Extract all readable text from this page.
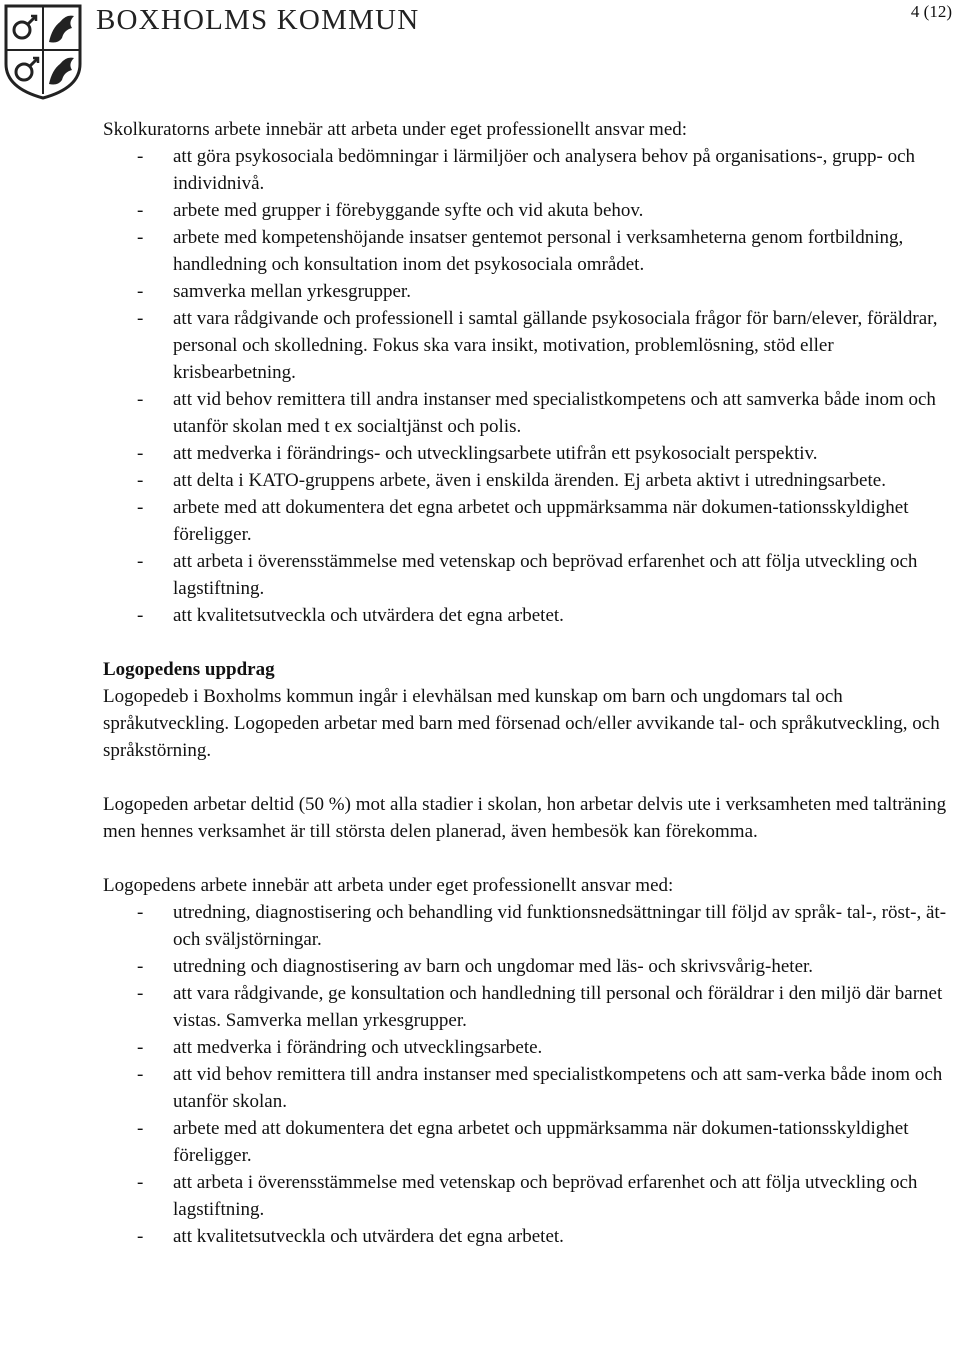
BOXHOLMS KOMMUN	4 (12)

Skolkuratorns arbete innebär att arbeta under eget professionellt ansvar med:

- att göra psykosociala bedömningar i lärmiljöer och analysera behov på organisations-, grupp- och individnivå.
- arbete med grupper i förebyggande syfte och vid akuta behov.
- arbete med kompetenshöjande insatser gentemot personal i verksamheterna genom fortbildning, handledning och konsultation inom det psykosociala området.
- samverka mellan yrkesgrupper.
- att vara rådgivande och professionell i samtal gällande psykosociala frågor för barn/elever, föräldrar, personal och skolledning. Fokus ska vara insikt, motivation, problemlösning, stöd eller krisbearbetning.
- att vid behov remittera till andra instanser med specialistkompetens och att samverka både inom och utanför skolan med t ex socialtjänst och polis.
- att medverka i förändrings- och utvecklingsarbete utifrån ett psykosocialt perspektiv.
- att delta i KATO-gruppens arbete, även i enskilda ärenden. Ej arbeta aktivt i utredningsarbete.
- arbete med att dokumentera det egna arbetet och uppmärksamma när dokumen-tationsskyldighet föreligger.
- att arbeta i överensstämmelse med vetenskap och beprövad erfarenhet och att följa utveckling och lagstiftning.
- att kvalitetsutveckla och utvärdera det egna arbetet.

Logopedens uppdrag

Logopedeb i Boxholms kommun ingår i elevhälsan med kunskap om barn och ungdomars tal och språkutveckling. Logopeden arbetar med barn med försenad och/eller avvikande tal- och språkutveckling, och språkstörning.

Logopeden arbetar deltid (50 %) mot alla stadier i skolan, hon arbetar delvis ute i verksamheten med talträning men hennes verksamhet är till största delen planerad, även hembesök kan förekomma.

Logopedens arbete innebär att arbeta under eget professionellt ansvar med:

- utredning, diagnostisering och behandling vid funktionsnedsättningar till följd av språk- tal-, röst-, ät- och sväljstörningar.
- utredning och diagnostisering av barn och ungdomar med läs- och skrivsvårig-heter.
- att vara rådgivande, ge konsultation och handledning till personal och föräldrar i den miljö där barnet vistas. Samverka mellan yrkesgrupper.
- att medverka i förändring och utvecklingsarbete.
- att vid behov remittera till andra instanser med specialistkompetens och att sam-verka både inom och utanför skolan.
- arbete med att dokumentera det egna arbetet och uppmärksamma när dokumen-tationsskyldighet föreligger.
- att arbeta i överensstämmelse med vetenskap och beprövad erfarenhet och att följa utveckling och lagstiftning.
- att kvalitetsutveckla och utvärdera det egna arbetet.
